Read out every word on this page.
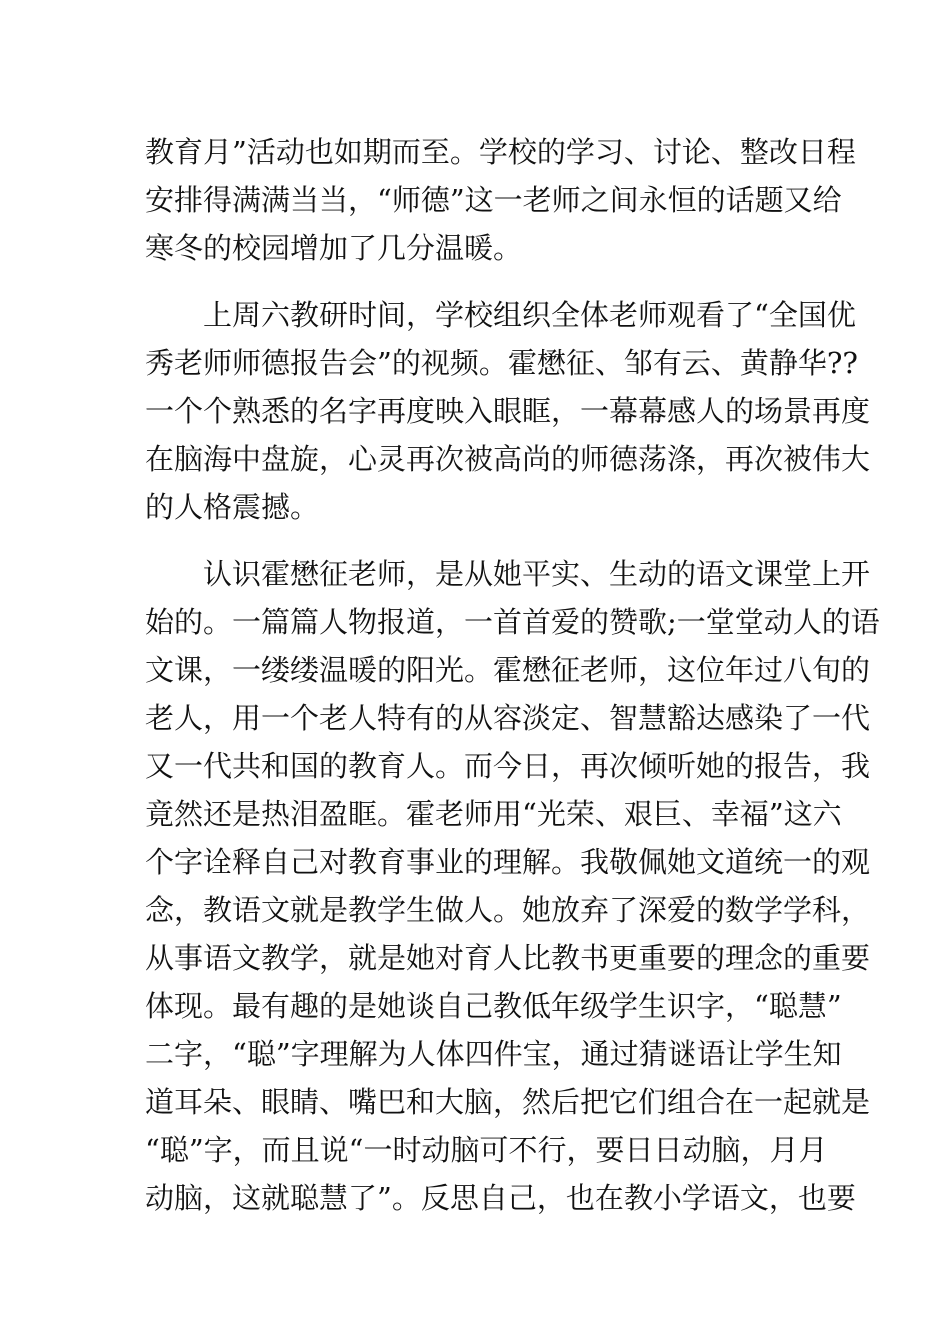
教育月”活动也如期而至。学校的学习、讨论、整改日程
安排得满满当当，“师德”这一老师之间永恒的话题又给
寒冬的校园增加了几分温暖。
上周六教研时间，学校组织全体老师观看了“全国优
秀老师师德报告会”的视频。霍懋征、邹有云、黄静华??
一个个熟悉的名字再度映入眼眶，一幕幕感人的场景再度
在脑海中盘旋，心灵再次被高尚的师德荡涤，再次被伟大
的人格震撼。
认识霍懋征老师，是从她平实、生动的语文课堂上开
始的。一篇篇人物报道，一首首爱的赞歌;一堂堂动人的语
文课，一缕缕温暖的阳光。霍懋征老师，这位年过八旬的
老人，用一个老人特有的从容淡定、智慧豁达感染了一代
又一代共和国的教育人。而今日，再次倾听她的报告，我
竟然还是热泪盈眶。霍老师用“光荣、艰巨、幸福”这六
个字诠释自己对教育事业的理解。我敬佩她文道统一的观
念，教语文就是教学生做人。她放弃了深爱的数学学科，
从事语文教学，就是她对育人比教书更重要的理念的重要
体现。最有趣的是她谈自己教低年级学生识字，“聪慧”
二字，“聪”字理解为人体四件宝，通过猜谜语让学生知
道耳朵、眼睛、嘴巴和大脑，然后把它们组合在一起就是
“聪”字，而且说“一时动脑可不行，要日日动脑，月月
动脑，这就聪慧了”。反思自己，也在教小学语文，也要
